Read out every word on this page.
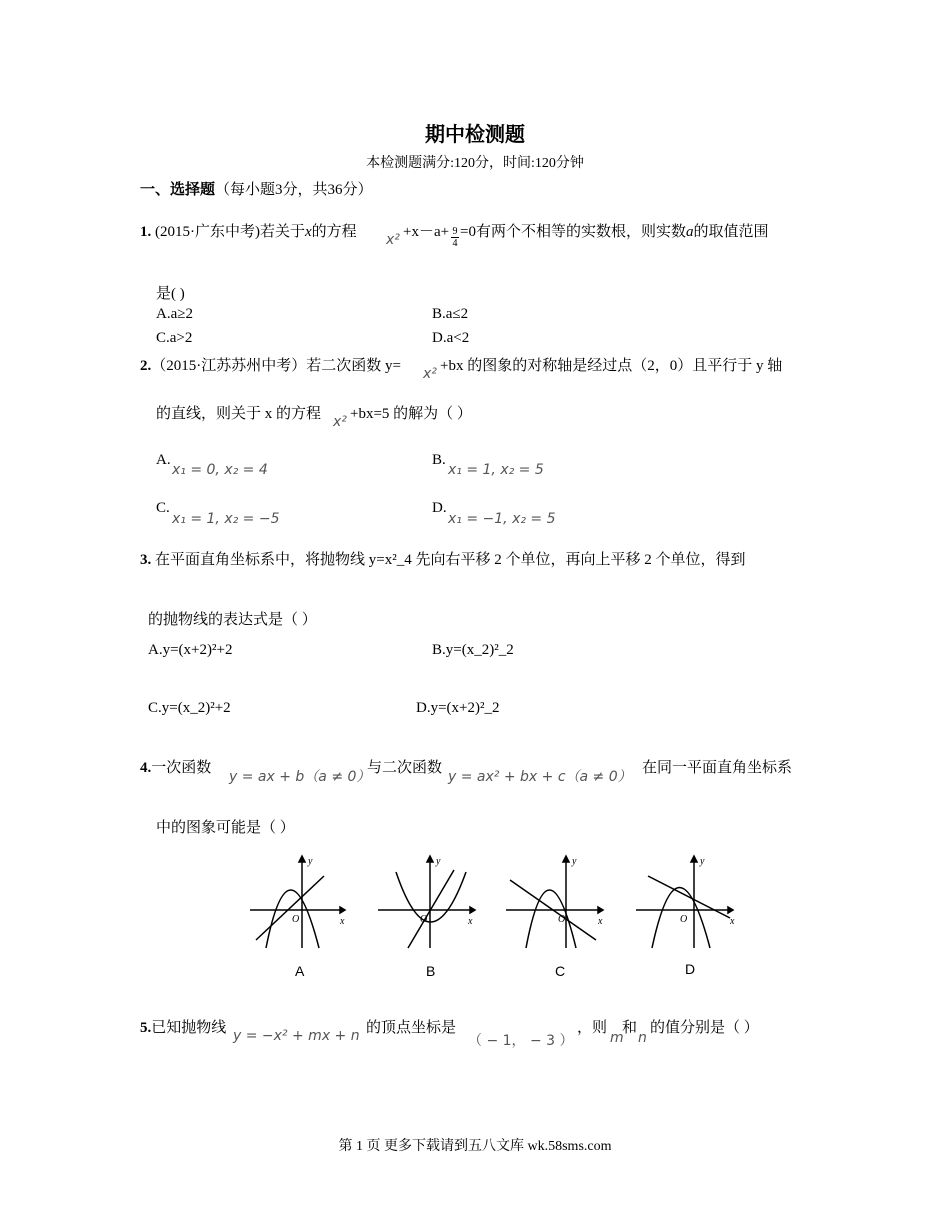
期中检测题
本检测题满分:120分，时间:120分钟
一、选择题（每小题3分，共36分）
1. (2015·广东中考)若关于x的方程 $x^2 +x-a+ \frac{9}{4} =0$有两个不相等的实数根，则实数a的取值范围
是( )
A.a≥2	B.a≤2
C.a>2	D.a<2
2.（2015·江苏苏州中考）若二次函数 y= x² +bx 的图象的对称轴是经过点（2，0）且平行于 y 轴
的直线，则关于 x 的方程 x² +bx=5 的解为（ ）
A.
x₁ = 0, x₂ = 4
B.
x₁ = 1, x₂ = 5
C.
x₁ = 1, x₂ = −5
D.
x₁ = −1, x₂ = 5
3. 在平面直角坐标系中，将抛物线 y=x²_4 先向右平移 2 个单位，再向上平移 2 个单位，得到
的抛物线的表达式是（ ）
A.y=(x+2)²+2	B.y=(x_2)²_2
C.y=(x_2)²+2	D.y=(x+2)²_2
4.一次函数
y = ax + b（a ≠ 0）
与二次函数
y = ax² + bx + c（a ≠ 0）
在同一平面直角坐标系
中的图象可能是（ ）
y
x
O
y
x
O
y
x
O
y
x
O
A	B	C	D
5.已知抛物线 y = −x² + mx + n 的顶点坐标是
（ − 1， − 3 ）
，则
m
和
n
的值分别是（ ）
第 1 页 更多下载请到五八文库 wk.58sms.com
